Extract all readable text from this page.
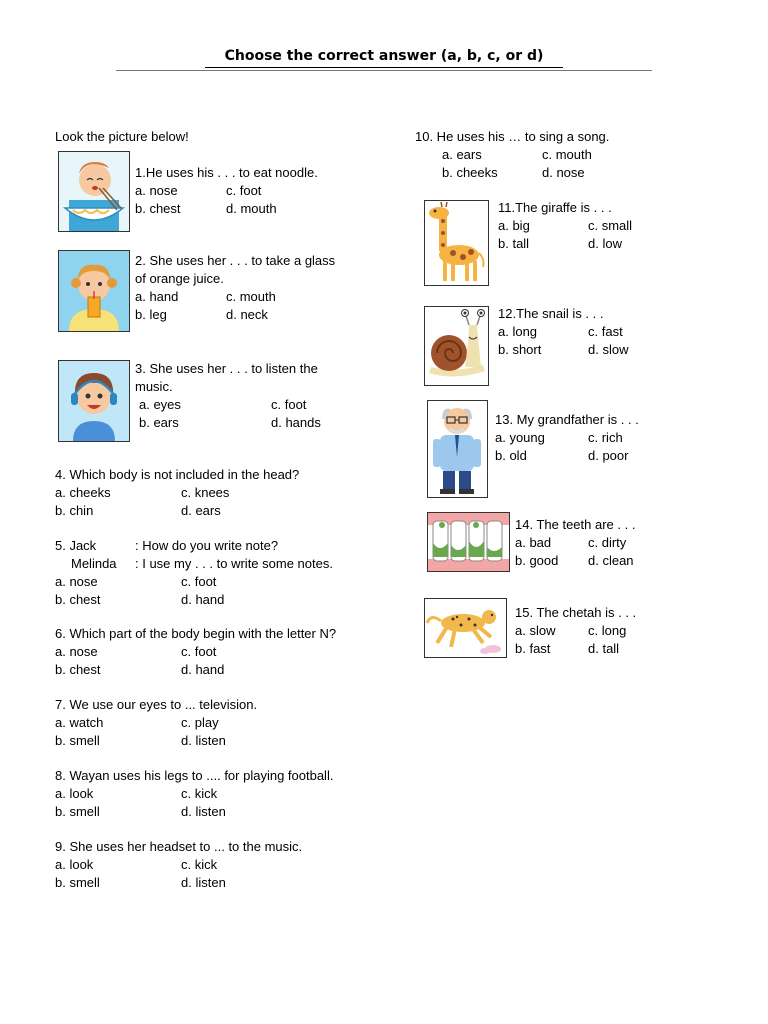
Choose the correct answer (a, b, c, or d)
Look the picture below!
1.He uses his . . . to eat noodle.
a. nose	c. foot
b. chest	d. mouth
2. She uses her . . . to take a glass
of orange juice.
a. hand	c. mouth
b. leg	d. neck
3. She uses her . . . to listen the
music.
a. eyes	c. foot
b. ears	d. hands
4. Which body is not included in the head?
a. cheeks	c. knees
b. chin	d. ears
5. Jack	: How do you write note?
Melinda : I use my . . . to write some notes.
a. nose	c. foot
b. chest	d. hand
6. Which part of the body begin with the letter N?
a. nose	c. foot
b. chest	d. hand
7. We use our eyes to ... television.
a. watch	c. play
b. smell	d. listen
8. Wayan uses his legs to .... for playing football.
a. look	c. kick
b. smell	d. listen
9. She uses her headset to ... to the music.
a. look	c. kick
b. smell	d. listen
10. He uses his … to sing a song.
a. ears	c. mouth
b. cheeks	d. nose
11.The giraffe is . . .
a. big	c. small
b. tall	d. low
12.The snail is . . .
a. long	c. fast
b. short	d. slow
13. My grandfather is . . .
a. young	c. rich
b. old	d. poor
14. The teeth are . . .
a. bad	c. dirty
b. good d. clean
15. The chetah is . . .
a. slow	c. long
b. fast	d. tall
